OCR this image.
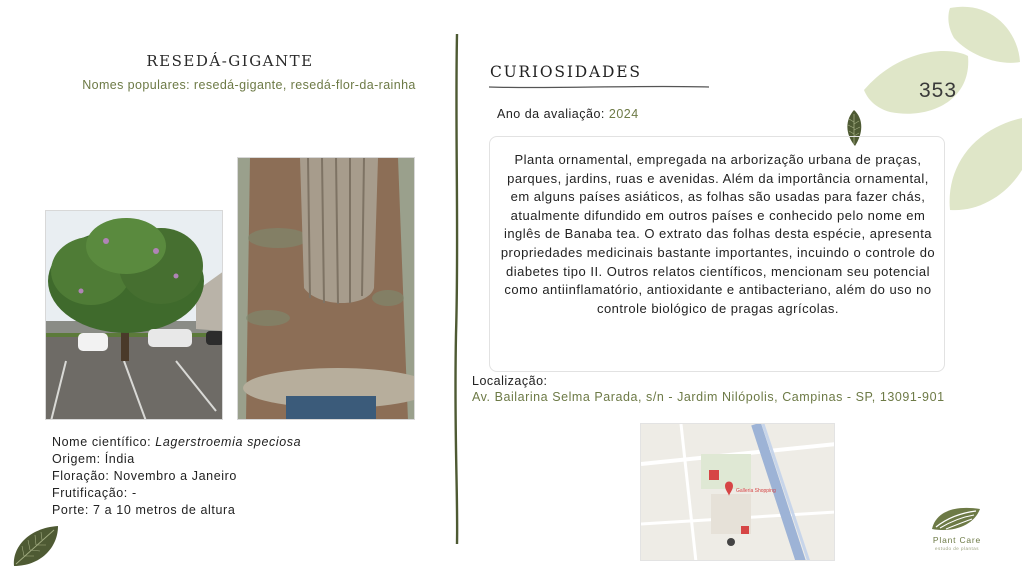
RESEDÁ-GIGANTE
Nomes populares: resedá-gigante, resedá-flor-da-rainha
Nome científico: Lagerstroemia speciosa
Origem: Índia
Floração: Novembro a Janeiro
Frutificação: -
Porte: 7 a 10 metros de altura
CURIOSIDADES
Ano da avaliação: 2024
Planta ornamental, empregada na arborização urbana de praças, parques, jardins, ruas e avenidas. Além da importância ornamental, em alguns países asiáticos, as folhas são usadas para fazer chás, atualmente difundido em outros países e conhecido pelo nome em inglês de Banaba tea. O extrato das folhas desta espécie, apresenta propriedades medicinais bastante importantes, incuindo o controle do diabetes tipo II. Outros relatos científicos, mencionam seu potencial como antiinflamatório, antioxidante e antibacteriano, além do uso no controle biológico de pragas agrícolas.
Localização:
Av. Bailarina Selma Parada, s/n - Jardim Nilópolis, Campinas - SP, 13091-901
Galleria Shopping
353
Plant Care
estudo de plantas
